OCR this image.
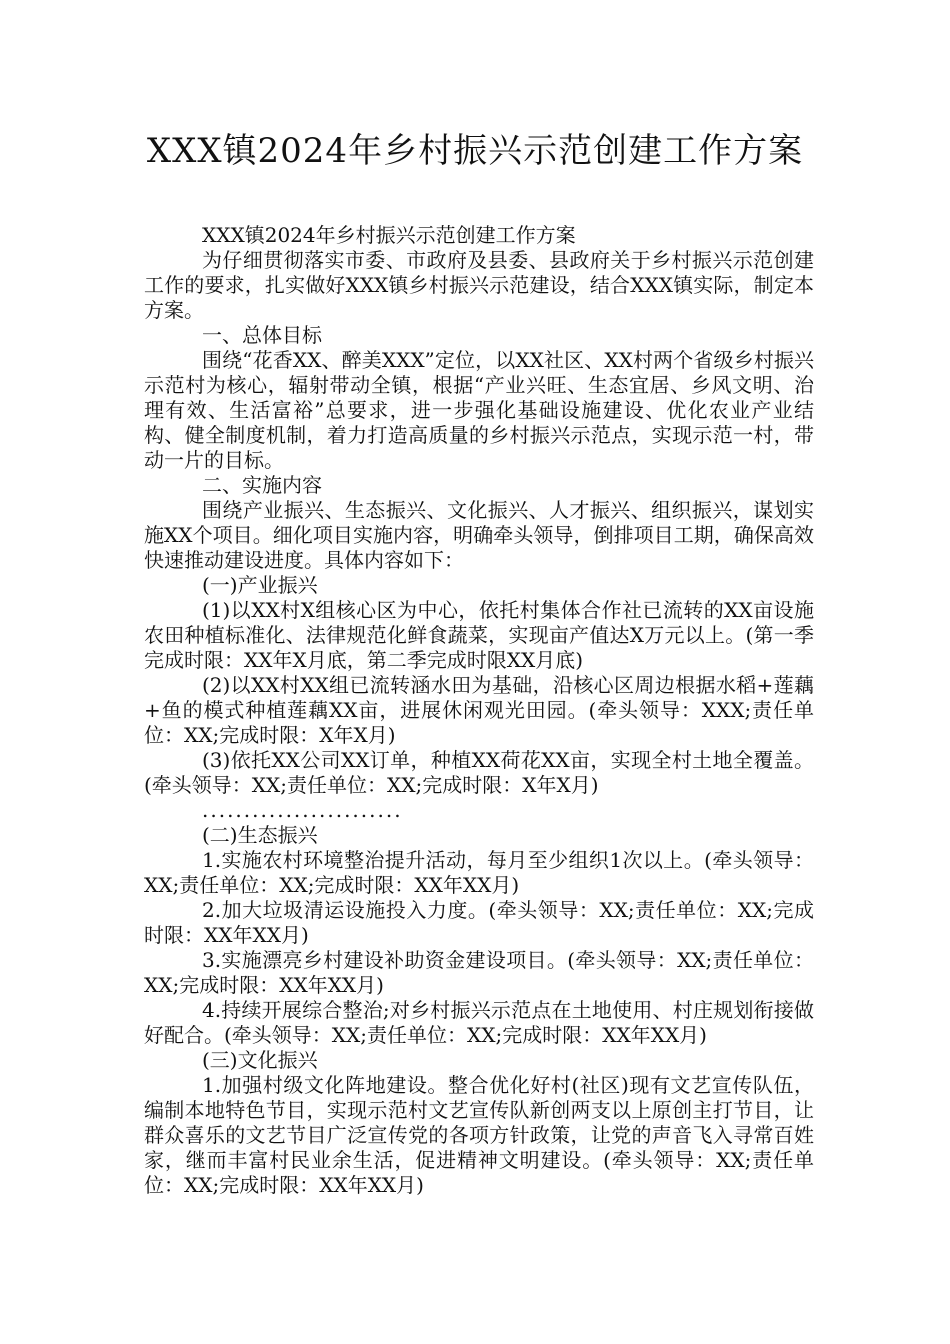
XXX镇2024年乡村振兴示范创建工作方案

XXX镇2024年乡村振兴示范创建工作方案

为仔细贯彻落实市委、市政府及县委、县政府关于乡村振兴示范创建工作的要求，扎实做好XXX镇乡村振兴示范建设，结合XXX镇实际，制定本方案。

一、总体目标

围绕“花香XX、醉美XXX”定位，以XX社区、XX村两个省级乡村振兴示范村为核心，辐射带动全镇，根据“产业兴旺、生态宜居、乡风文明、治理有效、生活富裕”总要求，进一步强化基础设施建设、优化农业产业结构、健全制度机制，着力打造高质量的乡村振兴示范点，实现示范一村，带动一片的目标。

二、实施内容

围绕产业振兴、生态振兴、文化振兴、人才振兴、组织振兴，谋划实施XX个项目。细化项目实施内容，明确牵头领导，倒排项目工期，确保高效快速推动建设进度。具体内容如下：

(一)产业振兴

(1)以XX村X组核心区为中心，依托村集体合作社已流转的XX亩设施农田种植标准化、法律规范化鲜食蔬菜，实现亩产值达X万元以上。(第一季完成时限：XX年X月底，第二季完成时限XX月底)

(2)以XX村XX组已流转涵水田为基础，沿核心区周边根据水稻+莲藕+鱼的模式种植莲藕XX亩，进展休闲观光田园。(牵头领导：XXX;责任单位：XX;完成时限：X年X月)

(3)依托XX公司XX订单，种植XX荷花XX亩，实现全村土地全覆盖。(牵头领导：XX;责任单位：XX;完成时限：X年X月)

........................

(二)生态振兴

1.实施农村环境整治提升活动，每月至少组织1次以上。(牵头领导：XX;责任单位：XX;完成时限：XX年XX月)

2.加大垃圾清运设施投入力度。(牵头领导：XX;责任单位：XX;完成时限：XX年XX月)

3.实施漂亮乡村建设补助资金建设项目。(牵头领导：XX;责任单位：XX;完成时限：XX年XX月)

4.持续开展综合整治;对乡村振兴示范点在土地使用、村庄规划衔接做好配合。(牵头领导：XX;责任单位：XX;完成时限：XX年XX月)

(三)文化振兴

1.加强村级文化阵地建设。整合优化好村(社区)现有文艺宣传队伍，编制本地特色节目，实现示范村文艺宣传队新创两支以上原创主打节目，让群众喜乐的文艺节目广泛宣传党的各项方针政策，让党的声音飞入寻常百姓家，继而丰富村民业余生活，促进精神文明建设。(牵头领导：XX;责任单位：XX;完成时限：XX年XX月)
